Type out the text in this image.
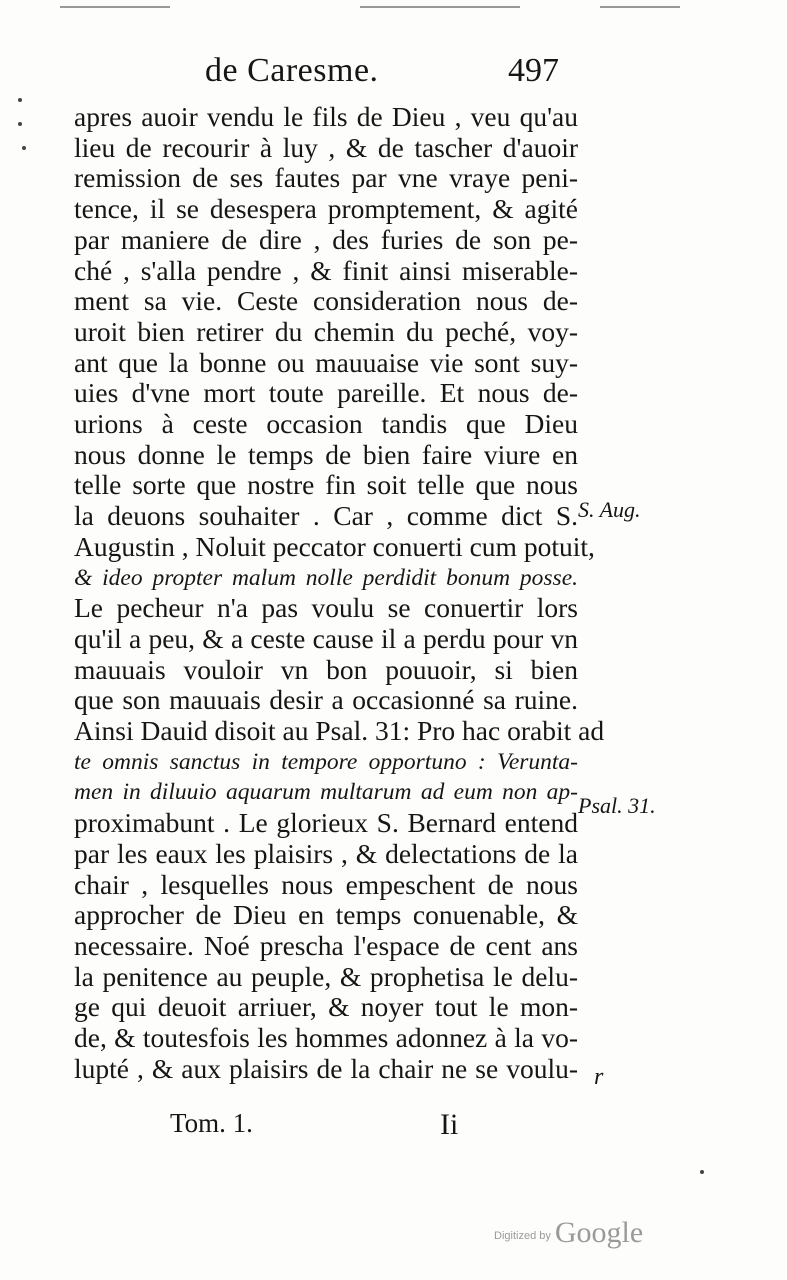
de Caresme.	497
apres auoir vendu le fils de Dieu , veu qu'au
lieu de recourir à luy , & de tascher d'auoir
remission de ses fautes par vne vraye peni-
tence, il se desespera promptement, & agité
par maniere de dire , des furies de son pe-
ché , s'alla pendre , & finit ainsi miserable-
ment sa vie. Ceste consideration nous de-
uroit bien retirer du chemin du peché, voy-
ant que la bonne ou mauuaise vie sont suy-
uies d'vne mort toute pareille. Et nous de-
urions à ceste occasion tandis que Dieu
nous donne le temps de bien faire viure en
telle sorte que nostre fin soit telle que nous
la deuons souhaiter . Car , comme dict S.
Augustin , Noluit peccator conuerti cum potuit,
& ideo propter malum nolle perdidit bonum posse.
Le pecheur n'a pas voulu se conuertir lors
qu'il a peu, & a ceste cause il a perdu pour vn
mauuais vouloir vn bon pouuoir, si bien
que son mauuais desir a occasionné sa ruine.
Ainsi Dauid disoit au Psal. 31: Pro hac orabit ad
te omnis sanctus in tempore opportuno : Veruntа-
men in diluuio aquarum multarum ad eum non ap-
proximabunt . Le glorieux S. Bernard entend
par les eaux les plaisirs , & delectations de la
chair , lesquelles nous empeschent de nous
approcher de Dieu en temps conuenable, &
necessaire. Noé prescha l'espace de cent ans
la penitence au peuple, & prophetisa le delu-
ge qui deuoit arriuer, & noyer tout le mon-
de, & toutesfois les hommes adonnez à la vo-
lupté , & aux plaisirs de la chair ne se voulu-
S. Aug.
Psal. 31.
r
Tom. 1.	Ii
Digitized by Google
